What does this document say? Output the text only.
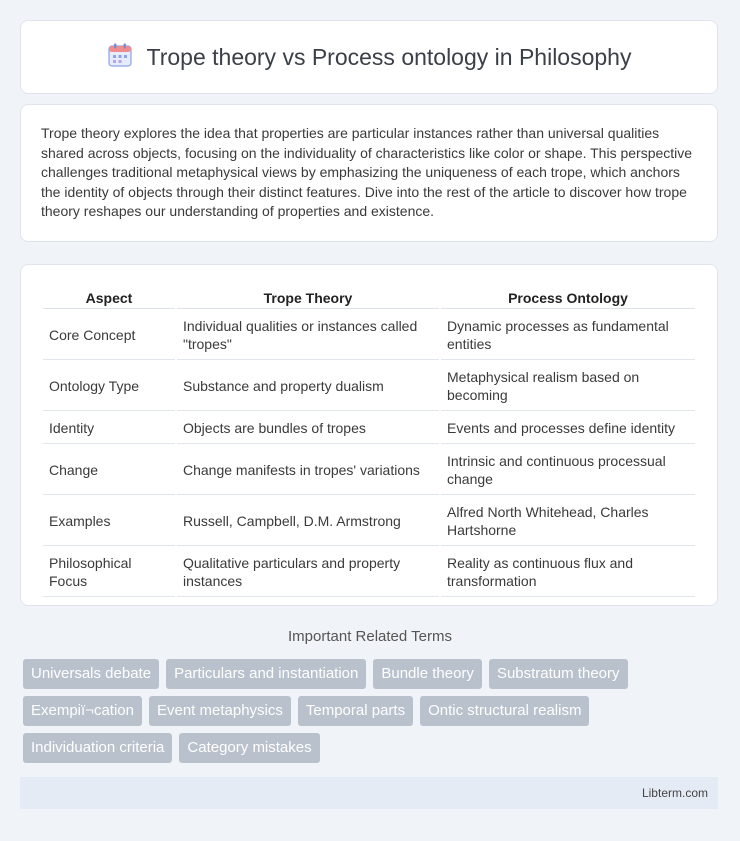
Trope theory vs Process ontology in Philosophy

Trope theory explores the idea that properties are particular instances rather than universal qualities shared across objects, focusing on the individuality of characteristics like color or shape. This perspective challenges traditional metaphysical views by emphasizing the uniqueness of each trope, which anchors the identity of objects through their distinct features. Dive into the rest of the article to discover how trope theory reshapes our understanding of properties and existence.

Aspect	Trope Theory	Process Ontology
Core Concept	Individual qualities or instances called "tropes"	Dynamic processes as fundamental entities
Ontology Type	Substance and property dualism	Metaphysical realism based on becoming
Identity	Objects are bundles of tropes	Events and processes define identity
Change	Change manifests in tropes' variations	Intrinsic and continuous processual change
Examples	Russell, Campbell, D.M. Armstrong	Alfred North Whitehead, Charles Hartshorne
Philosophical Focus	Qualitative particulars and property instances	Reality as continuous flux and transformation
Important Related Terms
Universals debate	Particulars and instantiation	Bundle theory	Substratum theory
Exempiï¬cation	Event metaphysics	Temporal parts	Ontic structural realism
Individuation criteria	Category mistakes
Libterm.com
